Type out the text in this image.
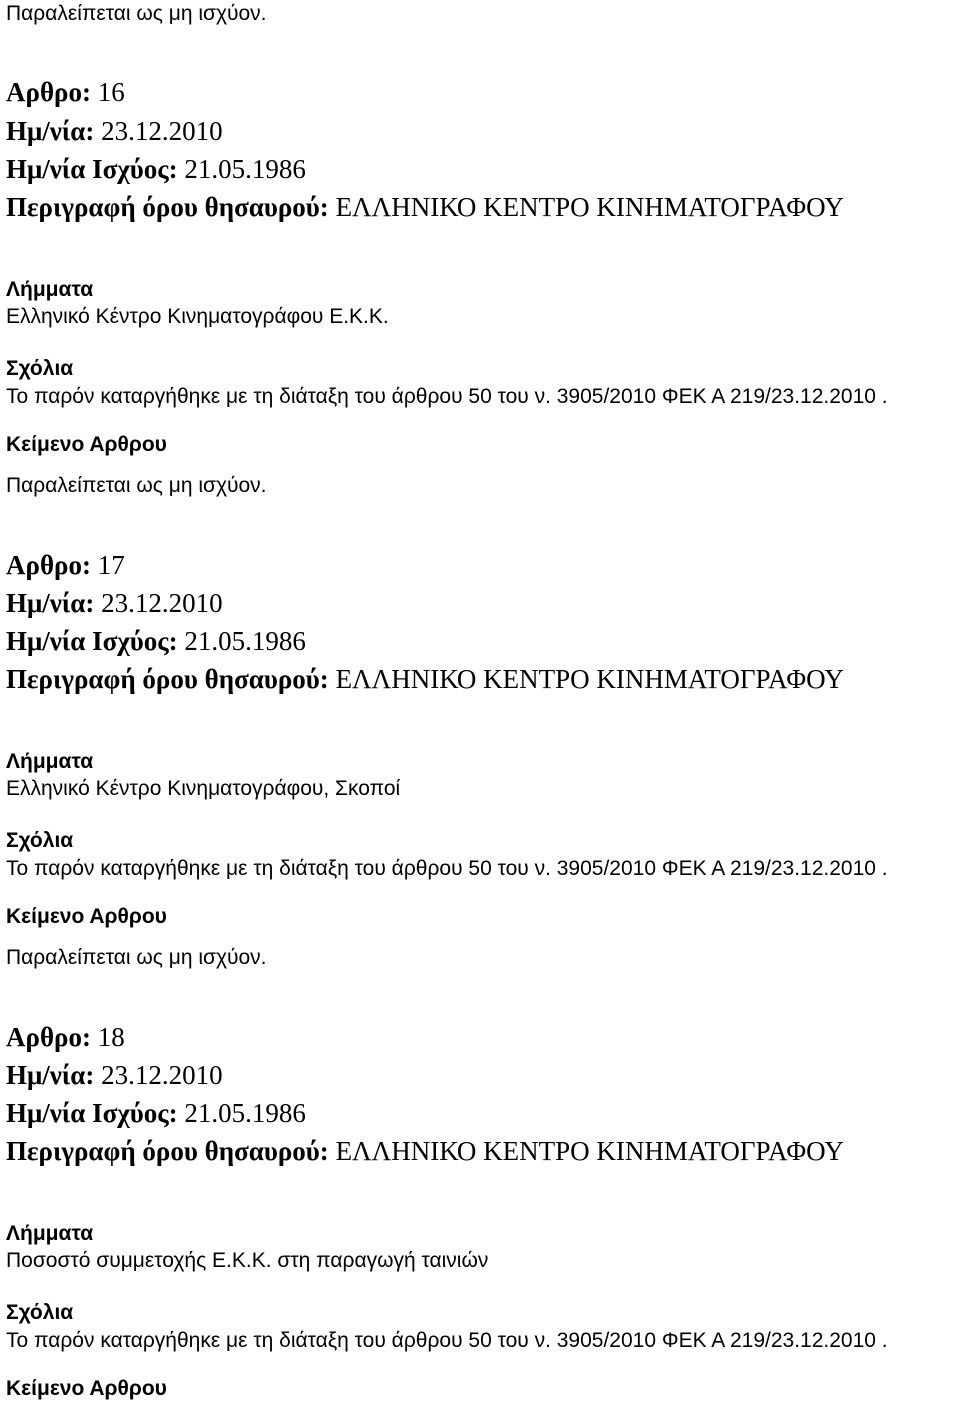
Παραλείπεται ως μη ισχύον.

Αρθρο: 16

Ημ/νία: 23.12.2010

Ημ/νία Ισχύος: 21.05.1986

Περιγραφή όρου θησαυρού: ΕΛΛΗΝΙΚΟ ΚΕΝΤΡΟ ΚΙΝΗΜΑΤΟΓΡΑΦΟΥ

Λήμματα

Ελληνικό Κέντρο Κινηματογράφου Ε.Κ.Κ.

Σχόλια

Το παρόν καταργήθηκε με τη διάταξη του άρθρου 50 του ν. 3905/2010 ΦΕΚ Α 219/23.12.2010 .

Κείμενο Αρθρου

Παραλείπεται ως μη ισχύον.

Αρθρο: 17

Ημ/νία: 23.12.2010

Ημ/νία Ισχύος: 21.05.1986

Περιγραφή όρου θησαυρού: ΕΛΛΗΝΙΚΟ ΚΕΝΤΡΟ ΚΙΝΗΜΑΤΟΓΡΑΦΟΥ

Λήμματα

Ελληνικό Κέντρο Κινηματογράφου, Σκοποί

Σχόλια

Το παρόν καταργήθηκε με τη διάταξη του άρθρου 50 του ν. 3905/2010 ΦΕΚ Α 219/23.12.2010 .

Κείμενο Αρθρου

Παραλείπεται ως μη ισχύον.

Αρθρο: 18

Ημ/νία: 23.12.2010

Ημ/νία Ισχύος: 21.05.1986

Περιγραφή όρου θησαυρού: ΕΛΛΗΝΙΚΟ ΚΕΝΤΡΟ ΚΙΝΗΜΑΤΟΓΡΑΦΟΥ

Λήμματα

Ποσοστό συμμετοχής Ε.Κ.Κ. στη παραγωγή ταινιών

Σχόλια

Το παρόν καταργήθηκε με τη διάταξη του άρθρου 50 του ν. 3905/2010 ΦΕΚ Α 219/23.12.2010 .

Κείμενο Αρθρου
